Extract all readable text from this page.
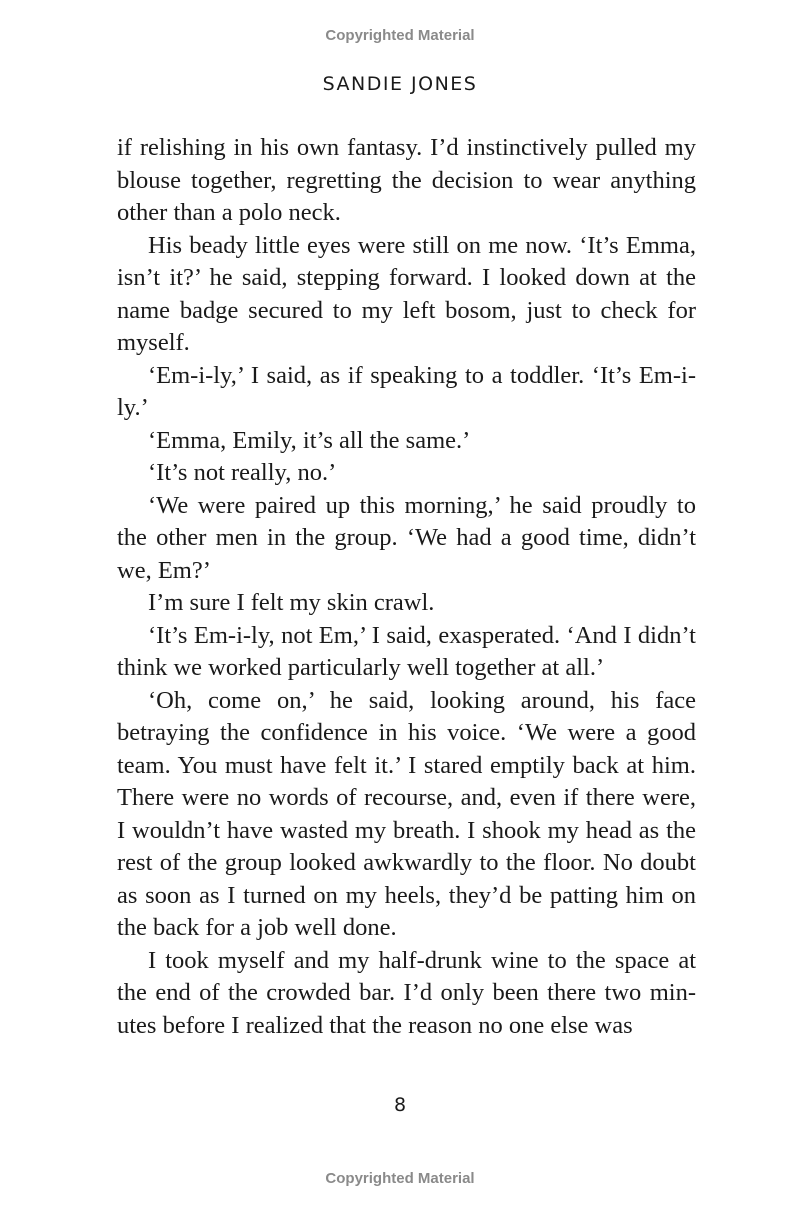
Copyrighted Material
SANDIE JONES

if relishing in his own fantasy. I’d instinctively pulled my blouse together, regretting the decision to wear anything other than a polo neck.

His beady little eyes were still on me now. ‘It’s Emma, isn’t it?’ he said, stepping forward. I looked down at the name badge secured to my left bosom, just to check for myself.

‘Em-i-ly,’ I said, as if speaking to a toddler. ‘It’s Em-i-ly.’

‘Emma, Emily, it’s all the same.’

‘It’s not really, no.’

‘We were paired up this morning,’ he said proudly to the other men in the group. ‘We had a good time, didn’t we, Em?’

I’m sure I felt my skin crawl.

‘It’s Em-i-ly, not Em,’ I said, exasperated. ‘And I didn’t think we worked particularly well together at all.’

‘Oh, come on,’ he said, looking around, his face betraying the confidence in his voice. ‘We were a good team. You must have felt it.’ I stared emptily back at him. There were no words of recourse, and, even if there were, I wouldn’t have wasted my breath. I shook my head as the rest of the group looked awkwardly to the floor. No doubt as soon as I turned on my heels, they’d be patting him on the back for a job well done.

I took myself and my half-drunk wine to the space at the end of the crowded bar. I’d only been there two min-utes before I realized that the reason no one else was

8
Copyrighted Material
